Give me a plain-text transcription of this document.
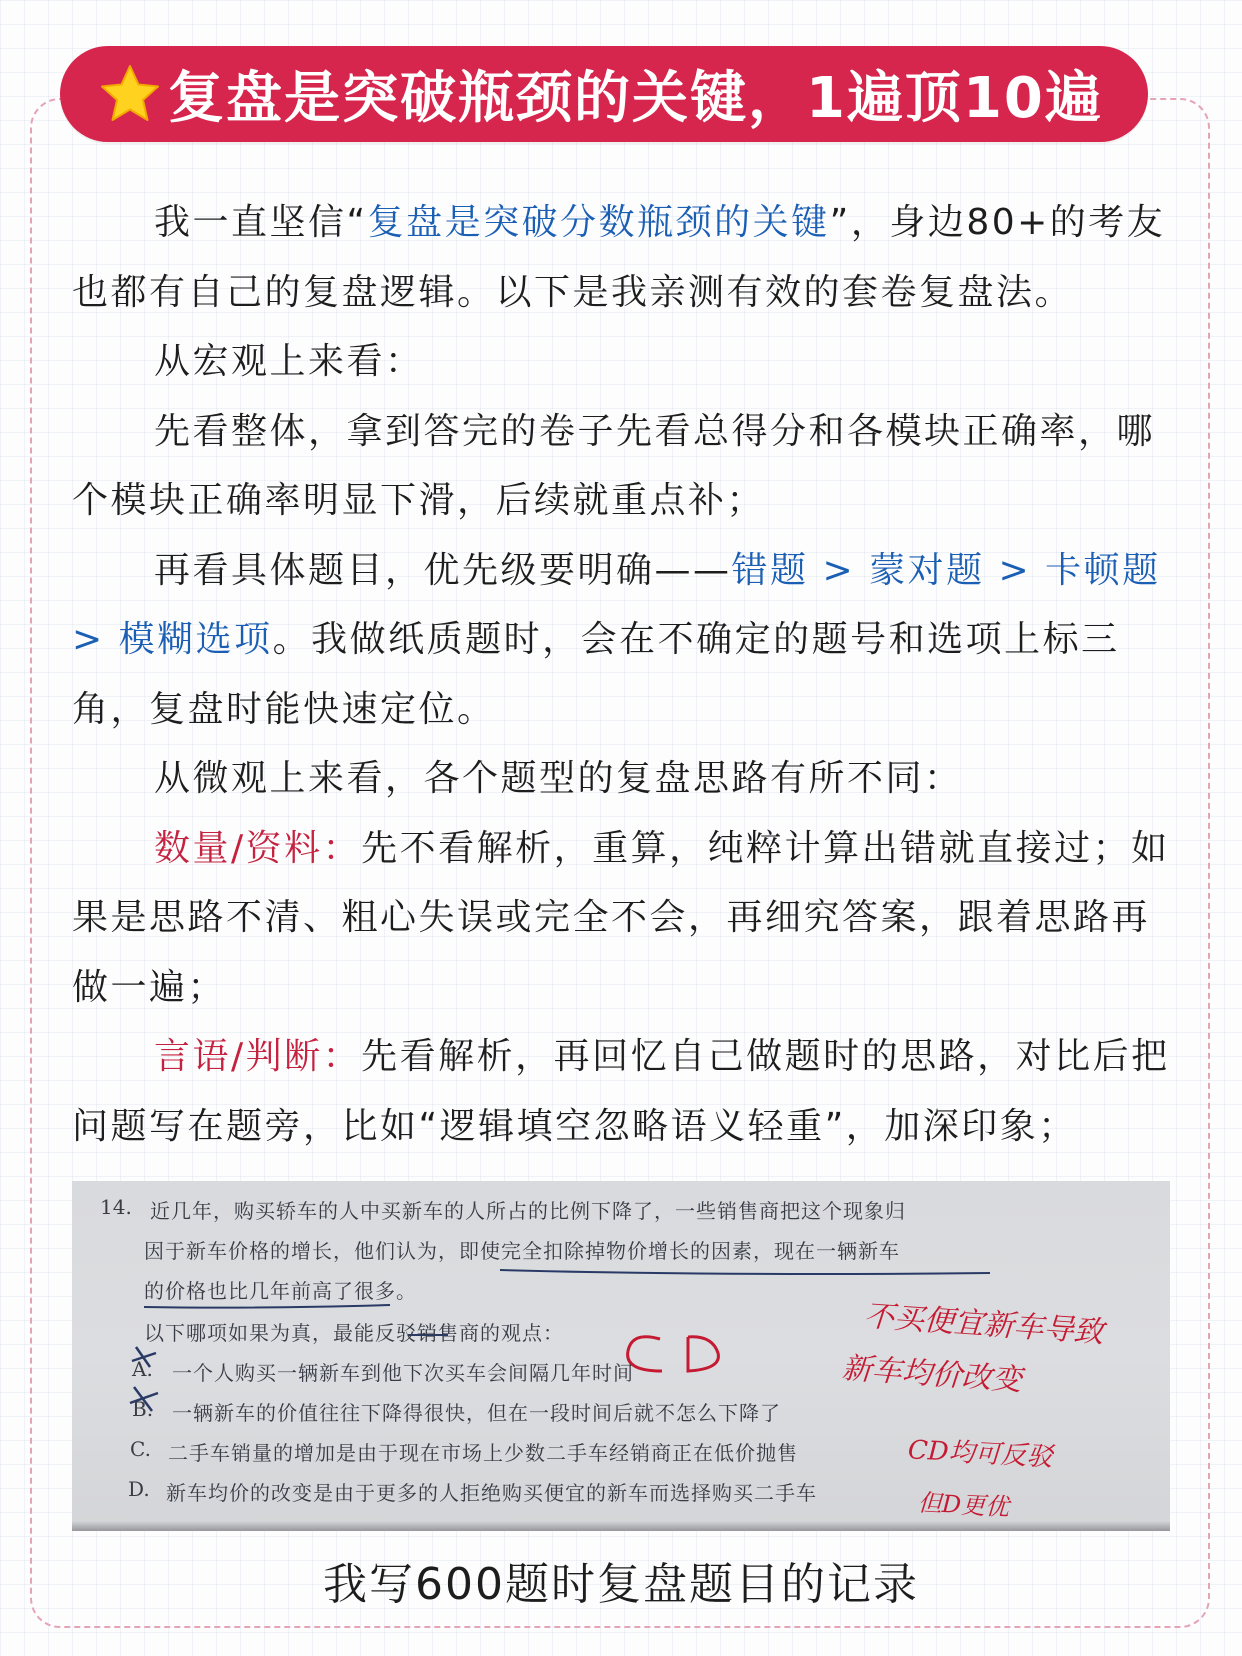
复盘是突破瓶颈的关键，1遍顶10遍

我一直坚信“复盘是突破分数瓶颈的关键”，身边80+的考友也都有自己的复盘逻辑。以下是我亲测有效的套卷复盘法。

从宏观上来看：

先看整体，拿到答完的卷子先看总得分和各模块正确率，哪个模块正确率明显下滑，后续就重点补；

再看具体题目，优先级要明确——错题 > 蒙对题 > 卡顿题 > 模糊选项。我做纸质题时，会在不确定的题号和选项上标三角，复盘时能快速定位。

从微观上来看，各个题型的复盘思路有所不同：

数量/资料：先不看解析，重算，纯粹计算出错就直接过；如果是思路不清、粗心失误或完全不会，再细究答案，跟着思路再做一遍；

言语/判断：先看解析，再回忆自己做题时的思路，对比后把问题写在题旁，比如“逻辑填空忽略语义轻重”，加深印象；

14. 近几年，购买轿车的人中买新车的人所占的比例下降了，一些销售商把这个现象归
因于新车价格的增长，他们认为，即使完全扣除掉物价增长的因素，现在一辆新车
的价格也比几年前高了很多。
以下哪项如果为真，最能反驳销售商的观点：
A. 一个人购买一辆新车到他下次买车会间隔几年时间
B. 一辆新车的价值往往下降得很快，但在一段时间后就不怎么下降了
C. 二手车销量的增加是由于现在市场上少数二手车经销商正在低价抛售
D. 新车均价的改变是由于更多的人拒绝购买便宜的新车而选择购买二手车
不买便宜新车导致
新车均价改变
CD均可反驳
但D更优
我写600题时复盘题目的记录
